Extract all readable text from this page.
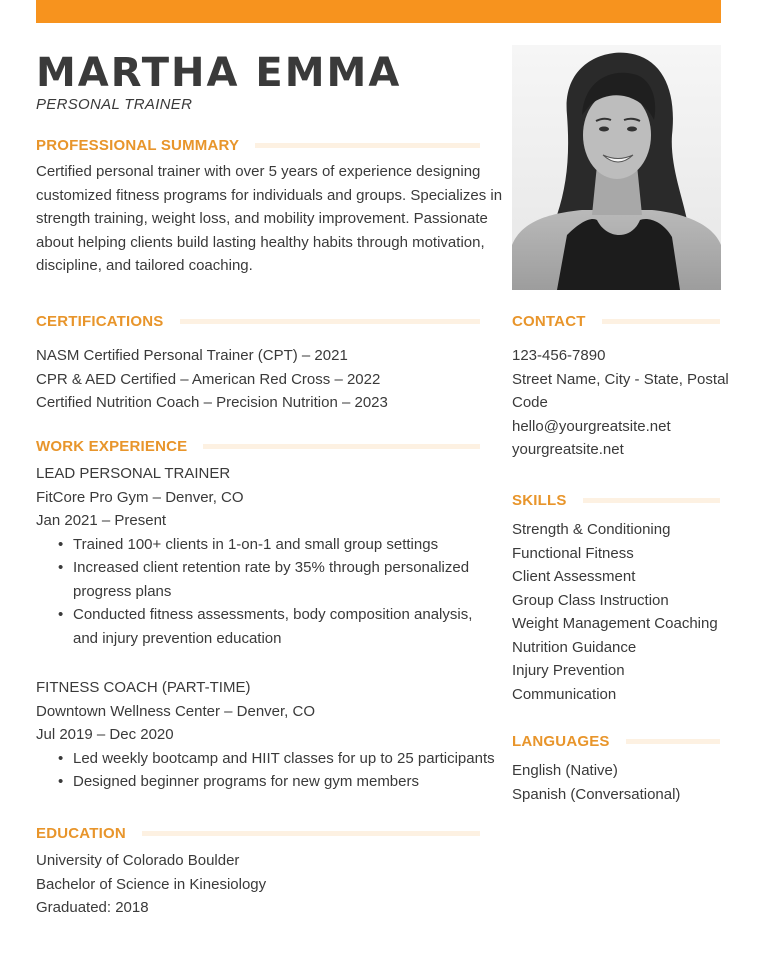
MARTHA EMMA
PERSONAL TRAINER
PROFESSIONAL SUMMARY

Certified personal trainer with over 5 years of experience designing

customized fitness programs for individuals and groups. Specializes in

strength training, weight loss, and mobility improvement. Passionate

about helping clients build lasting healthy habits through motivation,

discipline, and tailored coaching.

CERTIFICATIONS

NASM Certified Personal Trainer (CPT) – 2021

CPR & AED Certified – American Red Cross – 2022

Certified Nutrition Coach – Precision Nutrition – 2023

WORK EXPERIENCE

LEAD PERSONAL TRAINER

FitCore Pro Gym – Denver, CO

Jan 2021 – Present

• Trained 100+ clients in 1-on-1 and small group settings

• Increased client retention rate by 35% through personalized

progress plans

• Conducted fitness assessments, body composition analysis,

and injury prevention education

FITNESS COACH (PART-TIME)

Downtown Wellness Center – Denver, CO

Jul 2019 – Dec 2020

• Led weekly bootcamp and HIIT classes for up to 25 participants

• Designed beginner programs for new gym members

EDUCATION

University of Colorado Boulder

Bachelor of Science in Kinesiology

Graduated: 2018

CONTACT

123-456-7890

Street Name, City - State, Postal

Code

hello@yourgreatsite.net

yourgreatsite.net

SKILLS

Strength & Conditioning

Functional Fitness

Client Assessment

Group Class Instruction

Weight Management Coaching

Nutrition Guidance

Injury Prevention

Communication

LANGUAGES

English (Native)

Spanish (Conversational)
